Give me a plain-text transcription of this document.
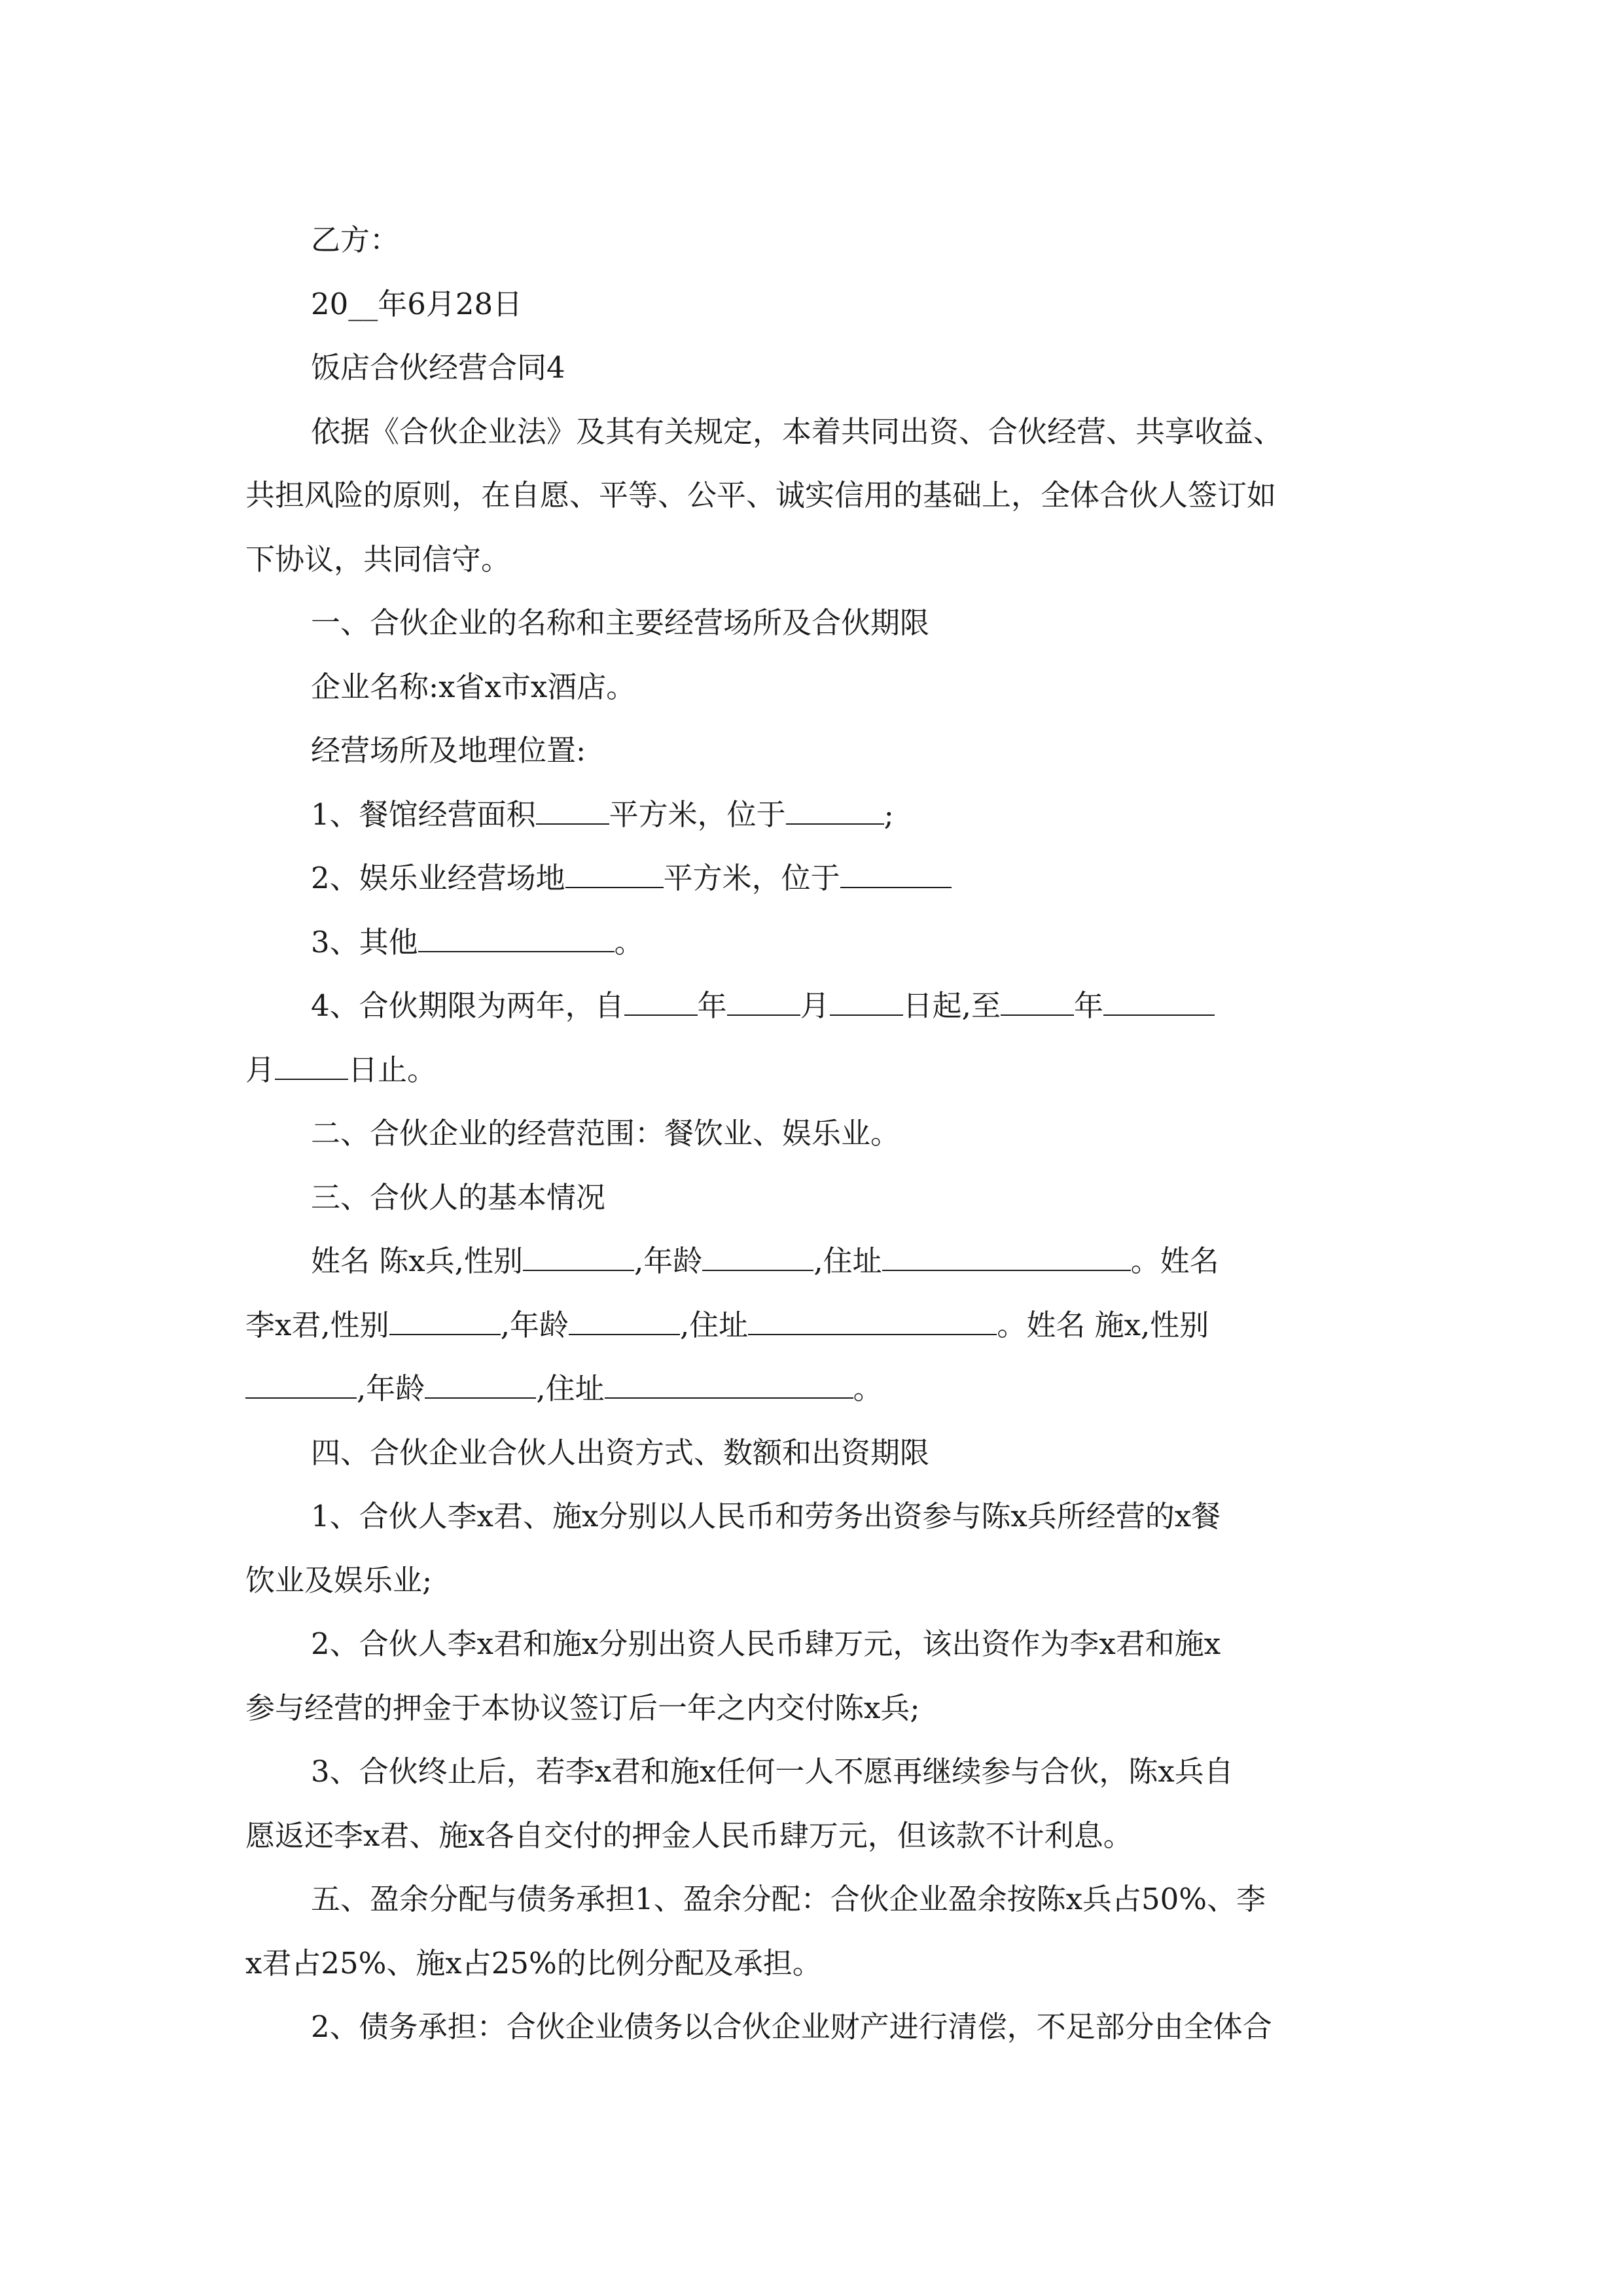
乙方：

20__年6月28日

饭店合伙经营合同4

依据《合伙企业法》及其有关规定，本着共同出资、合伙经营、共享收益、

共担风险的原则，在自愿、平等、公平、诚实信用的基础上，全体合伙人签订如

下协议，共同信守。

一、合伙企业的名称和主要经营场所及合伙期限

企业名称:x省x市x酒店。

经营场所及地理位置:

1、餐馆经营面积 平方米，位于	;

2、娱乐业经营场地	平方米，位于

3、其他	。

4、合伙期限为两年，自 年 月 日起,至 年

月 日止。

二、合伙企业的经营范围：餐饮业、娱乐业。

三、合伙人的基本情况

姓名 陈x兵,性别	,年龄	,住址	。姓名

李x君,性别	,年龄	,住址	。姓名 施x,性别

,年龄	,住址	。

四、合伙企业合伙人出资方式、数额和出资期限

1、合伙人李x君、施x分别以人民币和劳务出资参与陈x兵所经营的x餐

饮业及娱乐业;

2、合伙人李x君和施x分别出资人民币肆万元，该出资作为李x君和施x

参与经营的押金于本协议签订后一年之内交付陈x兵;

3、合伙终止后，若李x君和施x任何一人不愿再继续参与合伙，陈x兵自

愿返还李x君、施x各自交付的押金人民币肆万元，但该款不计利息。

五、盈余分配与债务承担1、盈余分配：合伙企业盈余按陈x兵占50%、李

x君占25%、施x占25%的比例分配及承担。

2、债务承担：合伙企业债务以合伙企业财产进行清偿，不足部分由全体合
